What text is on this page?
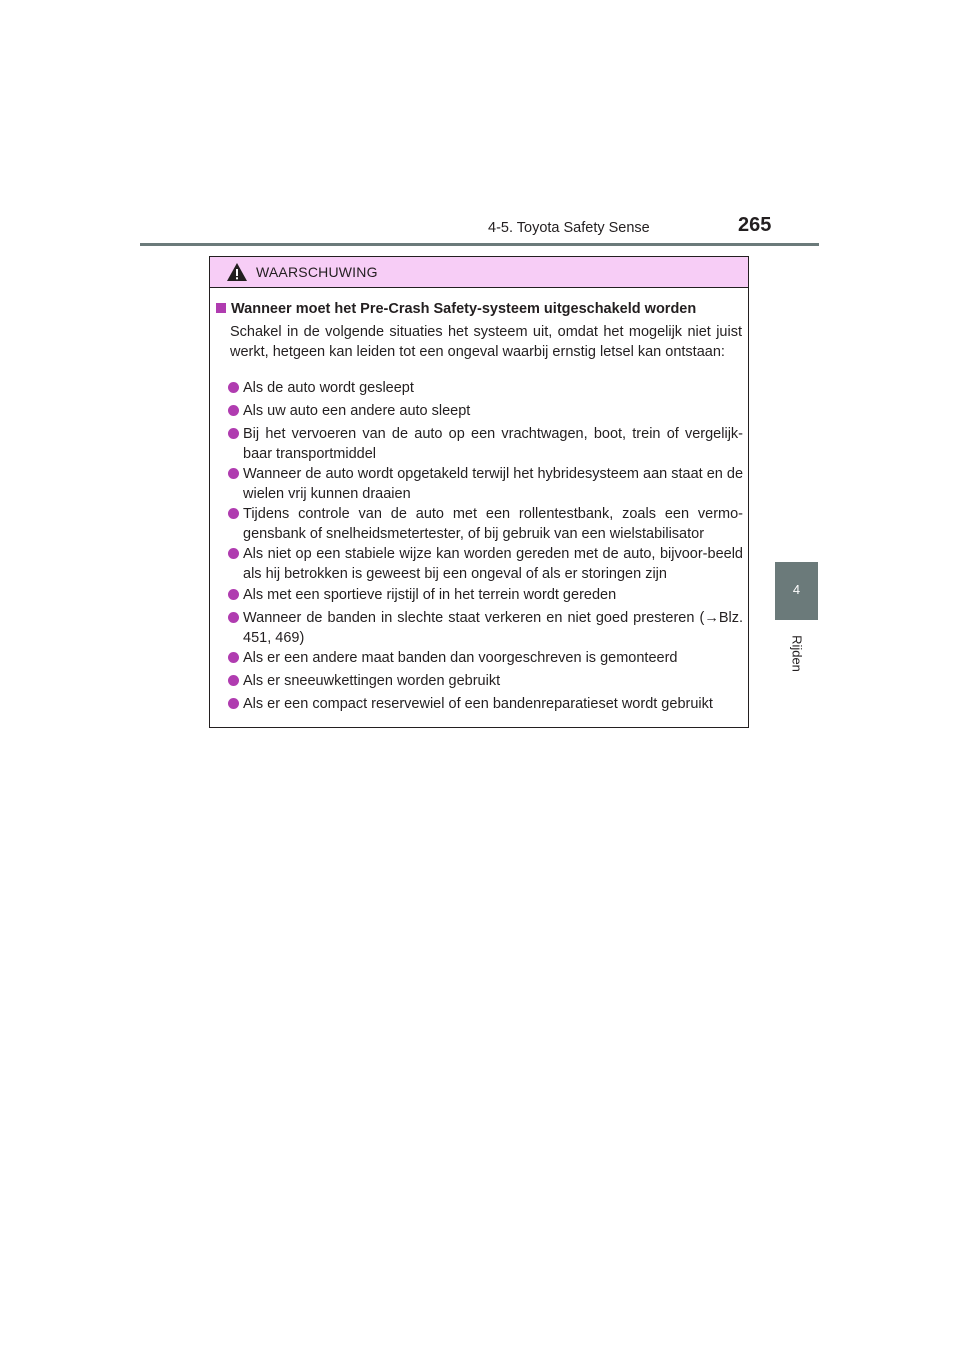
4-5. Toyota Safety Sense	265
4
Rijden
WAARSCHUWING
Wanneer moet het Pre-Crash Safety-systeem uitgeschakeld worden
Schakel in de volgende situaties het systeem uit, omdat het mogelijk niet juist werkt, hetgeen kan leiden tot een ongeval waarbij ernstig letsel kan ontstaan:
Als de auto wordt gesleept
Als uw auto een andere auto sleept
Bij het vervoeren van de auto op een vrachtwagen, boot, trein of vergelijk-baar transportmiddel
Wanneer de auto wordt opgetakeld terwijl het hybridesysteem aan staat en de wielen vrij kunnen draaien
Tijdens controle van de auto met een rollentestbank, zoals een vermo-gensbank of snelheidsmetertester, of bij gebruik van een wielstabilisator
Als niet op een stabiele wijze kan worden gereden met de auto, bijvoor-beeld als hij betrokken is geweest bij een ongeval of als er storingen zijn
Als met een sportieve rijstijl of in het terrein wordt gereden
Wanneer de banden in slechte staat verkeren en niet goed presteren (→Blz. 451, 469)
Als er een andere maat banden dan voorgeschreven is gemonteerd
Als er sneeuwkettingen worden gebruikt
Als er een compact reservewiel of een bandenreparatieset wordt gebruikt
